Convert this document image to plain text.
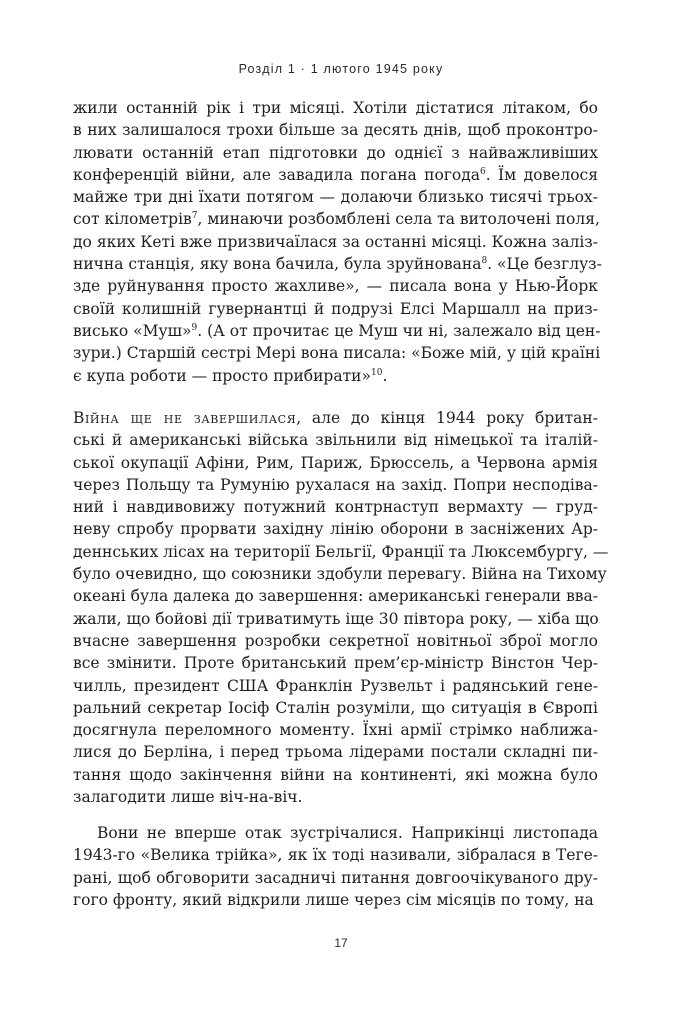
Розділ 1 · 1 лютого 1945 року
жили останній рік і три місяці. Хотіли дістатися літаком, бо
в них залишалося трохи більше за десять днів, щоб проконтро-
лювати останній етап підготовки до однієї з найважливіших
конференцій війни, але завадила погана погода$^6$. Їм довелося
майже три дні їхати потягом — долаючи близько тисячі трьох-
сот кілометрів$^7$, минаючи розбомблені села та витолочені поля,
до яких Кеті вже призвичаїлася за останні місяці. Кожна заліз-
нична станція, яку вона бачила, була зруйнована$^8$. «Це безглуз-
зде руйнування просто жахливе», — писала вона у Нью-Йорк
своїй колишній гувернантці й подрузі Елсі Маршалл на приз-
висько «Муш»$^9$. (А от прочитає це Муш чи ні, залежало від цен-
зури.) Старшій сестрі Мері вона писала: «Боже мій, у цій країні
є купа роботи — просто прибирати»$^{10}$.
Війна ще не завершилася, але до кінця 1944 року британ-
ські й американські війська звільнили від німецької та італій-
ської окупації Афіни, Рим, Париж, Брюссель, а Червона армія
через Польщу та Румунію рухалася на захід. Попри несподіва-
ний і навдивовижу потужний контрнаступ вермахту — груд-
неву спробу прорвати західну лінію оборони в засніжених Ар-
деннських лісах на території Бельгії, Франції та Люксембургу, —
було очевидно, що союзники здобули перевагу. Війна на Тихому
океані була далека до завершення: американські генерали вва-
жали, що бойові дії триватимуть іще 30 півтора року, — хіба що
вчасне завершення розробки секретної новітньої зброї могло
все змінити. Проте британський прем’єр-міністр Вінстон Чер-
чилль, президент США Франклін Рузвельт і радянський гене-
ральний секретар Іосіф Сталін розуміли, що ситуація в Європі
досягнула переломного моменту. Їхні армії стрімко наближа-
лися до Берліна, і перед трьома лідерами постали складні пи-
тання щодо закінчення війни на континенті, які можна було
залагодити лише віч-на-віч.
Вони не вперше отак зустрічалися. Наприкінці листопада
1943-го «Велика трійка», як їх тоді називали, зібралася в Теге-
рані, щоб обговорити засадничі питання довгоочікуваного дру-
гого фронту, який відкрили лише через сім місяців по тому, на
17
